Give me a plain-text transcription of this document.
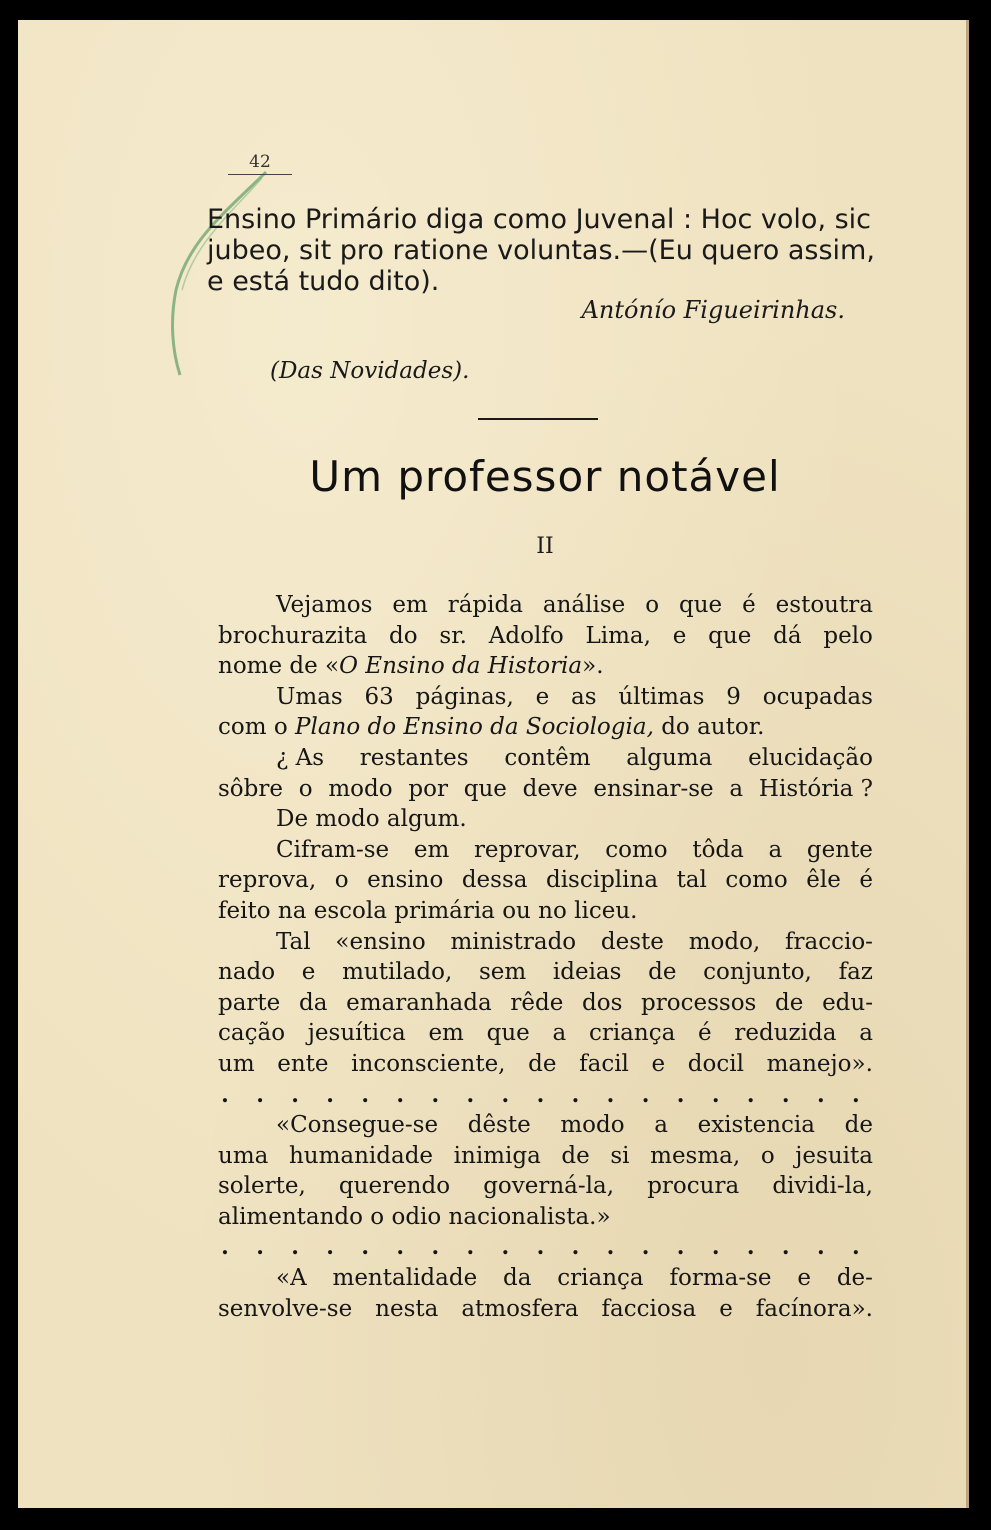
42
Ensino Primário diga como Juvenal : Hoc volo, sic
jubeo, sit pro ratione voluntas.—(Eu quero assim,
e está tudo dito).
Antónío Figueirinhas.
(Das Novidades).
Um professor notável
II
Vejamos em rápida análise o que é estoutra
brochurazita do sr. Adolfo Lima, e que dá pelo
nome de « O Ensino da Historia ».
Umas 63 páginas, e as últimas 9 ocupadas
com o Plano do Ensino da Sociologia, do autor.
¿ As restantes contêm alguma elucidação
sôbre o modo por que deve ensinar-se a História ?
De modo algum.
Cifram-se em reprovar, como tôda a gente
reprova, o ensino dessa disciplina tal como êle é
feito na escola primária ou no liceu.
Tal «ensino ministrado deste modo, fraccio-
nado e mutilado, sem ideias de conjunto, faz
parte da emaranhada rêde dos processos de edu-
cação jesuítica em que a criança é reduzida a
um ente inconsciente, de facil e docil manejo».
. . . . . . . . . . . . . . . . . . .
«Consegue-se dêste modo a existencia de
uma humanidade inimiga de si mesma, o jesuita
solerte, querendo governá-la, procura dividi-la,
alimentando o odio nacionalista.»
. . . . . . . . . . . . . . . . . . .
«A mentalidade da criança forma-se e de-
senvolve-se nesta atmosfera facciosa e facínora».
